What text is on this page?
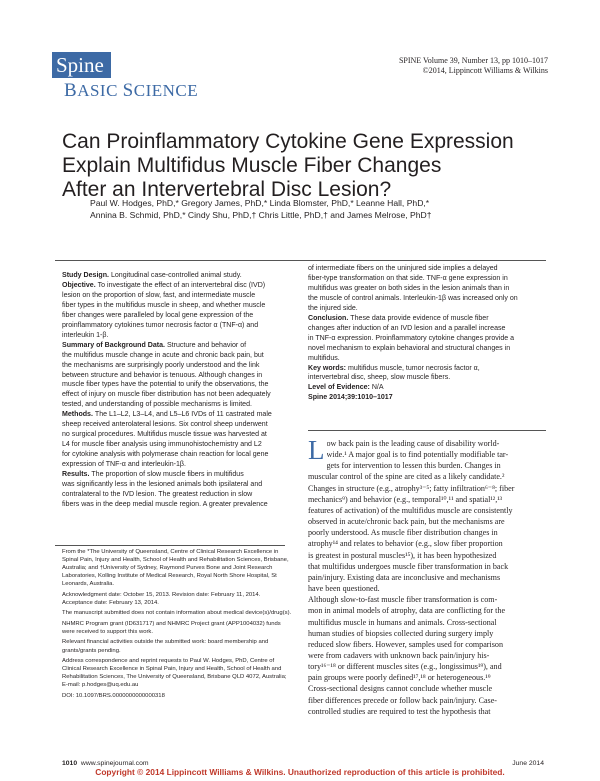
Spine
BASIC SCIENCE
SPINE Volume 39, Number 13, pp 1010–1017
©2014, Lippincott Williams & Wilkins
Can Proinflammatory Cytokine Gene Expression
Explain Multifidus Muscle Fiber Changes
After an Intervertebral Disc Lesion?
Paul W. Hodges, PhD,* Gregory James, PhD,* Linda Blomster, PhD,* Leanne Hall, PhD,*
Annina B. Schmid, PhD,* Cindy Shu, PhD,† Chris Little, PhD,† and James Melrose, PhD†
Study Design. Longitudinal case-controlled animal study.
Objective. To investigate the effect of an intervertebral disc (IVD)
lesion on the proportion of slow, fast, and intermediate muscle
fiber types in the multifidus muscle in sheep, and whether muscle
fiber changes were paralleled by local gene expression of the
proinflammatory cytokines tumor necrosis factor α (TNF-α) and
interleukin 1-β.
Summary of Background Data. Structure and behavior of
the multifidus muscle change in acute and chronic back pain, but
the mechanisms are surprisingly poorly understood and the link
between structure and behavior is tenuous. Although changes in
muscle fiber types have the potential to unify the observations, the
effect of injury on muscle fiber distribution has not been adequately
tested, and understanding of possible mechanisms is limited.
Methods. The L1–L2, L3–L4, and L5–L6 IVDs of 11 castrated male
sheep received anterolateral lesions. Six control sheep underwent
no surgical procedures. Multifidus muscle tissue was harvested at
L4 for muscle fiber analysis using immunohistochemistry and L2
for cytokine analysis with polymerase chain reaction for local gene
expression of TNF-α and interleukin-1β.
Results. The proportion of slow muscle fibers in multifidus
was significantly less in the lesioned animals both ipsilateral and
contralateral to the IVD lesion. The greatest reduction in slow
fibers was in the deep medial muscle region. A greater prevalence
of intermediate fibers on the uninjured side implies a delayed
fiber-type transformation on that side. TNF-α gene expression in
multifidus was greater on both sides in the lesion animals than in
the muscle of control animals. Interleukin-1β was increased only on
the injured side.
Conclusion. These data provide evidence of muscle fiber
changes after induction of an IVD lesion and a parallel increase
in TNF-α expression. Proinflammatory cytokine changes provide a
novel mechanism to explain behavioral and structural changes in
multifidus.
Key words: multifidus muscle, tumor necrosis factor α,
intervertebral disc, sheep, slow muscle fibers.
Level of Evidence: N/A
Spine 2014;39:1010–1017
L ow back pain is the leading cause of disability world-
wide.¹ A major goal is to find potentially modifiable tar-
gets for intervention to lessen this burden. Changes in
muscular control of the spine are cited as a likely candidate.²
Changes in structure (e.g., atrophy³⁻⁵; fatty infiltration⁶⁻⁸; fiber
mechanics⁹) and behavior (e.g., temporal¹⁰,¹¹ and spatial¹²,¹³
features of activation) of the multifidus muscle are consistently
observed in acute/chronic back pain, but the mechanisms are
poorly understood. As muscle fiber distribution changes in
atrophy¹⁴ and relates to behavior (e.g., slow fiber proportion
is greatest in postural muscles¹⁵), it has been hypothesized
that multifidus undergoes muscle fiber transformation in back
pain/injury. Existing data are inconclusive and mechanisms
have been questioned.
Although slow-to-fast muscle fiber transformation is com-
mon in animal models of atrophy, data are conflicting for the
multifidus muscle in humans and animals. Cross-sectional
human studies of biopsies collected during surgery imply
reduced slow fibers. However, samples used for comparison
were from cadavers with unknown back pain/injury his-
tory¹⁶⁻¹⁸ or different muscles sites (e.g., longissimus¹⁹), and
pain groups were poorly defined¹⁷,¹⁸ or heterogeneous.¹⁹
Cross-sectional designs cannot conclude whether muscle
fiber differences precede or follow back pain/injury. Case-
controlled studies are required to test the hypothesis that

From the *The University of Queensland, Centre of Clinical Research Excellence in Spinal Pain, Injury and Health, School of Health and Rehabilitation Sciences, Brisbane, Australia; and †University of Sydney, Raymond Purves Bone and Joint Research Laboratories, Kolling Institute of Medical Research, Royal North Shore Hospital, St Leonards, Australia.

Acknowledgment date: October 15, 2013. Revision date: February 11, 2014. Acceptance date: February 13, 2014.

The manuscript submitted does not contain information about medical device(s)/drug(s).

NHMRC Program grant (ID631717) and NHMRC Project grant (APP1004032) funds were received to support this work.

Relevant financial activities outside the submitted work: board membership and grants/grants pending.

Address correspondence and reprint requests to Paul W. Hodges, PhD, Centre of Clinical Research Excellence in Spinal Pain, Injury and Health, School of Health and Rehabilitation Sciences, The University of Queensland, Brisbane QLD 4072, Australia; E-mail: p.hodges@uq.edu.au

DOI: 10.1097/BRS.0000000000000318

1010 www.spinejournal.com	June 2014
Copyright © 2014 Lippincott Williams & Wilkins. Unauthorized reproduction of this article is prohibited.
